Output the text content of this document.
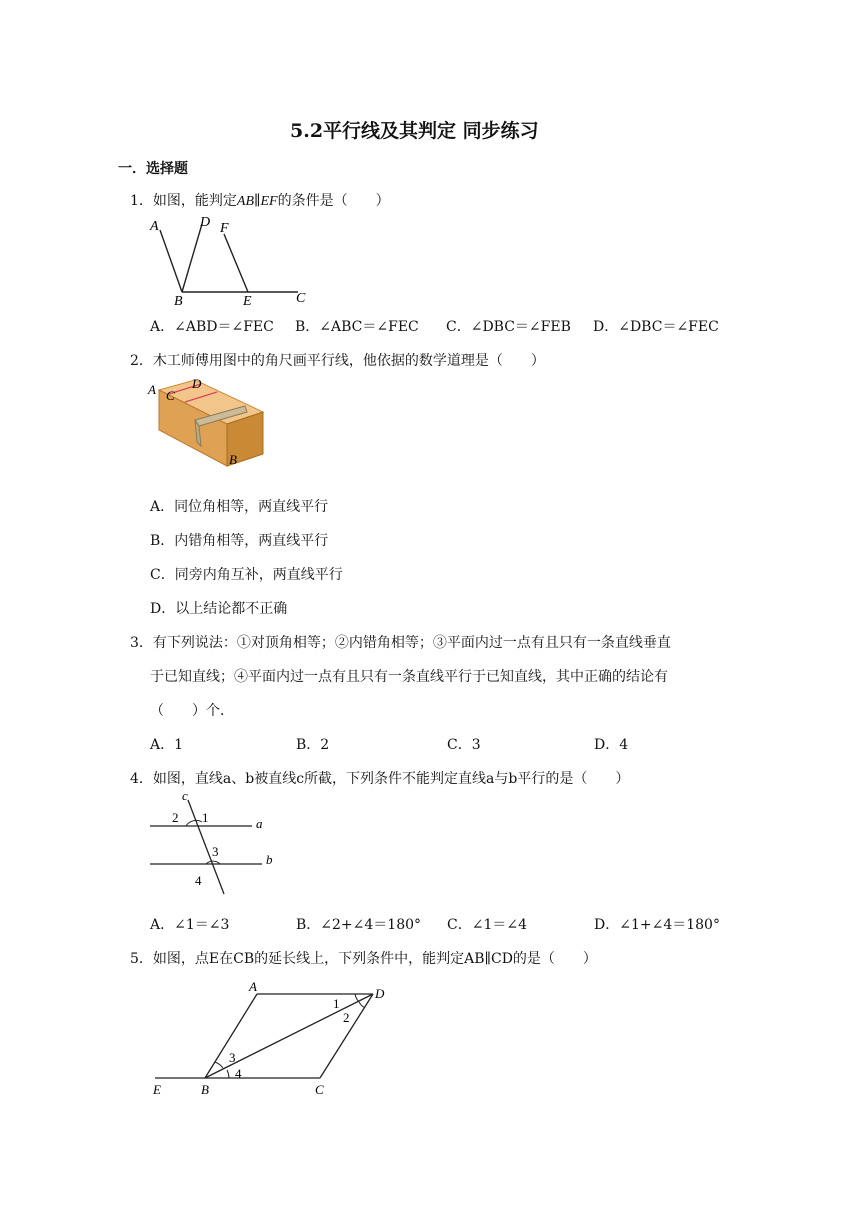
5.2平行线及其判定 同步练习
一．选择题
1．如图，能判定AB∥EF的条件是（　　）
A	D F
B	E	C
A．∠ABD＝∠FEC B．∠ABC＝∠FEC C．∠DBC＝∠FEB D．∠DBC＝∠FEC
2．木工师傅用图中的角尺画平行线，他依据的数学道理是（　　）
A C
D
B
A．同位角相等，两直线平行
B．内错角相等，两直线平行
C．同旁内角互补，两直线平行
D．以上结论都不正确
3．有下列说法：①对顶角相等；②内错角相等；③平面内过一点有且只有一条直线垂直
于已知直线；④平面内过一点有且只有一条直线平行于已知直线，其中正确的结论有
（　　）个．
A．1	B．2	C．3	D．4
4．如图，直线a、b被直线c所截，下列条件不能判定直线a与b平行的是（　　）
c
2 1	a
3
b
4
A．∠1＝∠3	B．∠2+∠4＝180° C．∠1＝∠4	D．∠1+∠4＝180°
5．如图，点E在CB的延长线上，下列条件中，能判定AB∥CD的是（　　）
A	D
1
2
3
4
E	B	C
